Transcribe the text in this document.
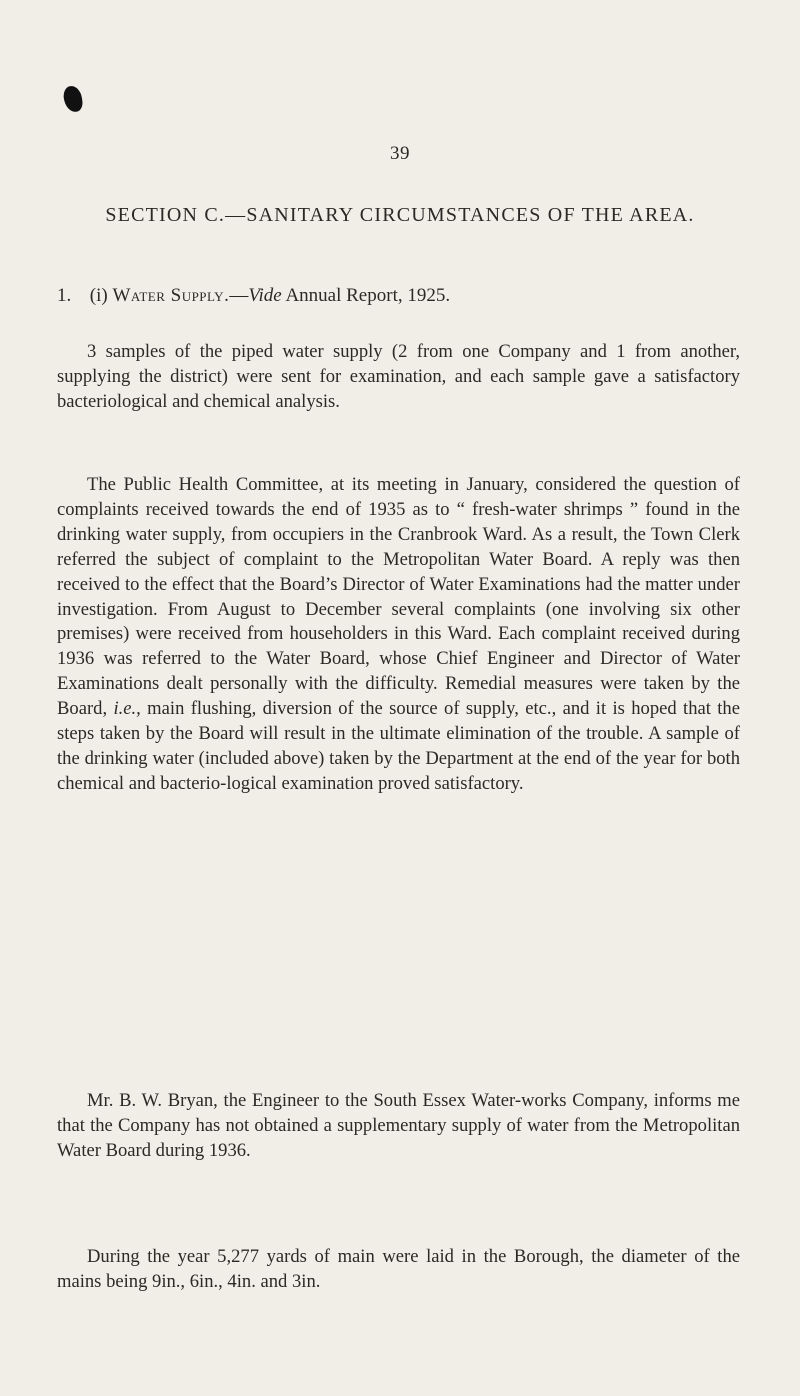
39
SECTION C.—SANITARY CIRCUMSTANCES OF THE AREA.
1. (i) Water Supply.—Vide Annual Report, 1925.

3 samples of the piped water supply (2 from one Company and 1 from another, supplying the district) were sent for examination, and each sample gave a satisfactory bacteriological and chemical analysis.

The Public Health Committee, at its meeting in January, considered the question of complaints received towards the end of 1935 as to “ fresh-water shrimps ” found in the drinking water supply, from occupiers in the Cranbrook Ward. As a result, the Town Clerk referred the subject of complaint to the Metropolitan Water Board. A reply was then received to the effect that the Board’s Director of Water Examinations had the matter under investigation. From August to December several complaints (one involving six other premises) were received from householders in this Ward. Each complaint received during 1936 was referred to the Water Board, whose Chief Engineer and Director of Water Examinations dealt personally with the difficulty. Remedial measures were taken by the Board, i.e., main flushing, diversion of the source of supply, etc., and it is hoped that the steps taken by the Board will result in the ultimate elimination of the trouble. A sample of the drinking water (included above) taken by the Department at the end of the year for both chemical and bacterio-logical examination proved satisfactory.

Mr. B. W. Bryan, the Engineer to the South Essex Water-works Company, informs me that the Company has not obtained a supplementary supply of water from the Metropolitan Water Board during 1936.

During the year 5,277 yards of main were laid in the Borough, the diameter of the mains being 9in., 6in., 4in. and 3in.
